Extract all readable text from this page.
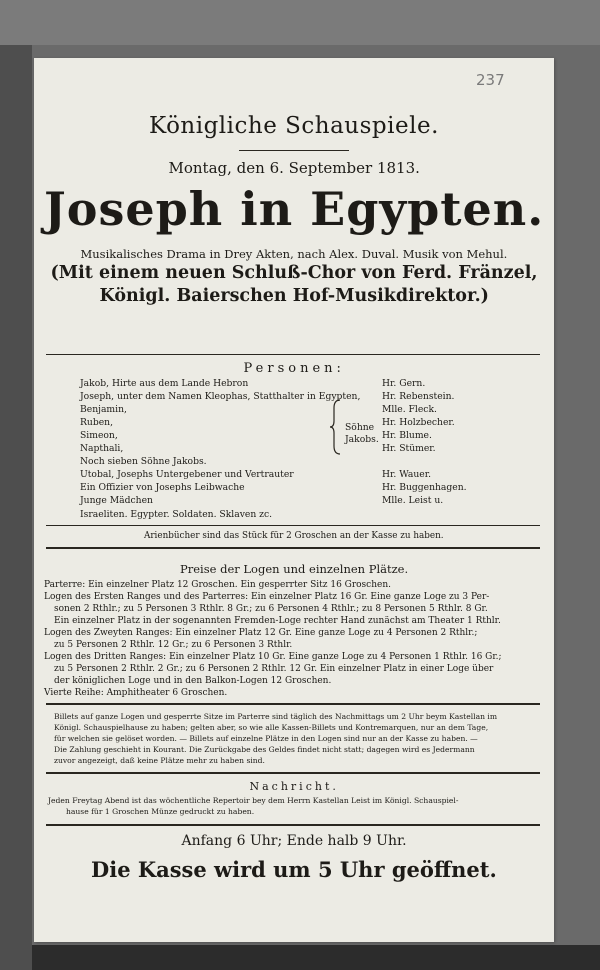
Königliche Schauspiele.
Montag, den 6. September 1813.
Joseph in Egypten.
Musikalisches Drama in Drey Akten, nach Alex. Duval. Musik von Mehul.
(Mit einem neuen Schluß-Chor von Ferd. Fränzel,
Königl. Baierschen Hof-Musikdirektor.)
Personen:
Jakob, Hirte aus dem Lande Hebron	Hr. Gern.
Joseph, unter dem Namen Kleophas, Statthalter in Egypten, Hr. Rebenstein.
Benjamin,	Mlle. Fleck.
Ruben,	Hr. Holzbecher.
Simeon,	Hr. Blume.
Napthali,	Hr. Stümer.
Noch sieben Söhne Jakobs.
Utobal, Josephs Untergebener und Vertrauter	Hr. Wauer.
Ein Offizier von Josephs Leibwache	Hr. Buggenhagen.
Junge Mädchen	Mlle. Leist u.
Israeliten. Egypter. Soldaten. Sklaven zc.
Söhne
Jakobs.
Arienbücher sind das Stück für 2 Groschen an der Kasse zu haben.
Preise der Logen und einzelnen Plätze.
Parterre: Ein einzelner Platz 12 Groschen. Ein gesperrter Sitz 16 Groschen.
Logen des Ersten Ranges und des Parterres: Ein einzelner Platz 16 Gr. Eine ganze Loge zu 3 Per-
sonen 2 Rthlr.; zu 5 Personen 3 Rthlr. 8 Gr.; zu 6 Personen 4 Rthlr.; zu 8 Personen 5 Rthlr. 8 Gr.
Ein einzelner Platz in der sogenannten Fremden-Loge rechter Hand zunächst am Theater 1 Rthlr.
Logen des Zweyten Ranges: Ein einzelner Platz 12 Gr. Eine ganze Loge zu 4 Personen 2 Rthlr.;
zu 5 Personen 2 Rthlr. 12 Gr.; zu 6 Personen 3 Rthlr.
Logen des Dritten Ranges: Ein einzelner Platz 10 Gr. Eine ganze Loge zu 4 Personen 1 Rthlr. 16 Gr.;
zu 5 Personen 2 Rthlr. 2 Gr.; zu 6 Personen 2 Rthlr. 12 Gr. Ein einzelner Platz in einer Loge über
der königlichen Loge und in den Balkon-Logen 12 Groschen.
Vierte Reihe: Amphitheater 6 Groschen.
Billets auf ganze Logen und gesperrte Sitze im Parterre sind täglich des Nachmittags um 2 Uhr beym Kastellan im
Königl. Schauspielhause zu haben; gelten aber, so wie alle Kassen-Billets und Kontremarquen, nur an dem Tage,
für welchen sie gelöset worden. — Billets auf einzelne Plätze in den Logen sind nur an der Kasse zu haben. —
Die Zahlung geschieht in Kourant. Die Zurückgabe des Geldes findet nicht statt; dagegen wird es Jedermann
zuvor angezeigt, daß keine Plätze mehr zu haben sind.
Nachricht.
Jeden Freytag Abend ist das wöchentliche Repertoir bey dem Herrn Kastellan Leist im Königl. Schauspiel-
hause für 1 Groschen Münze gedruckt zu haben.
Anfang 6 Uhr; Ende halb 9 Uhr.
Die Kasse wird um 5 Uhr geöffnet.
237
